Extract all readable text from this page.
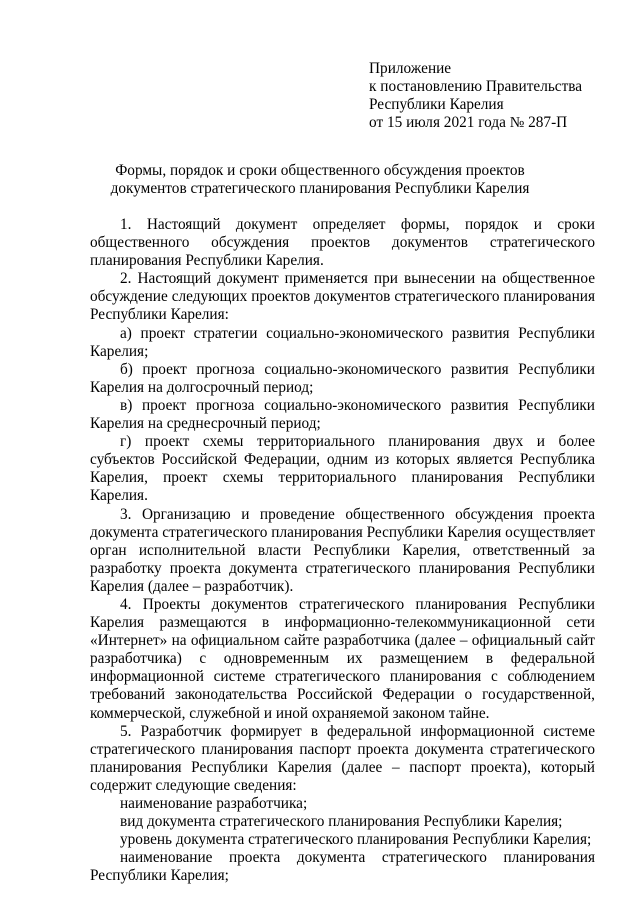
Приложение
к постановлению Правительства
Республики Карелия
от 15 июля 2021 года № 287-П
Формы, порядок и сроки общественного обсуждения проектов
документов стратегического планирования Республики Карелия

1. Настоящий документ определяет формы, порядок и сроки общественного обсуждения проектов документов стратегического планирования Республики Карелия.

2. Настоящий документ применяется при вынесении на общественное обсуждение следующих проектов документов стратегического планирования Республики Карелия:

а) проект стратегии социально-экономического развития Республики Карелия;

б) проект прогноза социально-экономического развития Республики Карелия на долгосрочный период;

в) проект прогноза социально-экономического развития Республики Карелия на среднесрочный период;

г) проект схемы территориального планирования двух и более субъектов Российской Федерации, одним из которых является Республика Карелия, проект схемы территориального планирования Республики Карелия.

3. Организацию и проведение общественного обсуждения проекта документа стратегического планирования Республики Карелия осуществляет орган исполнительной власти Республики Карелия, ответственный за разработку проекта документа стратегического планирования Республики Карелия (далее – разработчик).

4. Проекты документов стратегического планирования Республики Карелия размещаются в информационно-телекоммуникационной сети «Интернет» на официальном сайте разработчика (далее – официальный сайт разработчика) с одновременным их размещением в федеральной информационной системе стратегического планирования с соблюдением требований законодательства Российской Федерации о государственной, коммерческой, служебной и иной охраняемой законом тайне.

5. Разработчик формирует в федеральной информационной системе стратегического планирования паспорт проекта документа стратегического планирования Республики Карелия (далее – паспорт проекта), который содержит следующие сведения:

наименование разработчика;

вид документа стратегического планирования Республики Карелия;

уровень документа стратегического планирования Республики Карелия;

наименование проекта документа стратегического планирования Республики Карелия;
